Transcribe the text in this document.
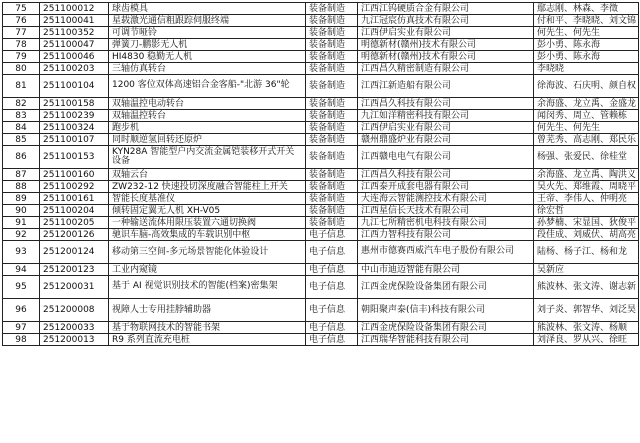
75	251100012	球齿模具	装备制造	江西江钨硬质合金有限公司	鄢志刚、林森、李徵
76	251100041	星载激光通信粗跟踪伺服终端	装备制造	九江冠宸仿真技术有限公司	付和平、李晓晓、刘文锦
77	251100352	可调节哑铃	装备制造	江西伊启实业有限公司	何先生、何先生
78	251100047	弹簧刀-鹏影无人机	装备制造	明德新材(赣州)技术有限公司	彭小勇、陈永海
79	251100046	HI4830 稳勤无人机	装备制造	明德新材(赣州)技术有限公司	彭小勇、陈永海
80	251100203	三轴仿真转台	装备制造	江西昌久精密制造有限公司	李晓晓
81	251100104	1200 客位双体高速铝合金客船-"北游 36"轮	装备制造	江西江新造船有限公司	徐海波、石庆明、颜自权
82	251100158	双轴温控电动转台	装备制造	江西昌久科技有限公司	余海盛、龙立禹、金盛龙
83	251100239	双轴温控转台	装备制造	九江如洋精密科技有限公司	闻闵秀、周立、管赖栋
84	251100324	跑步机	装备制造	江西伊启实业有限公司	何先生、何先生
85	251100107	同时顺逆氢回转还原炉	装备制造	赣州鼎盛炉业有限公司	曾芜秀、高志刚、郑民乐
86	251100153	KYN28A 智能型户内交流金属铠装移开式开关设备	装备制造	江西赣电电气有限公司	杨强、张爱民、徐桂堂
87	251100160	双轴云台	装备制造	江西昌久科技有限公司	余海盛、龙立禹、陶洪义
88	251100292	ZW232-12 快速投切深度融合智能柱上开关	装备制造	江西泰开成套电器有限公司	吴火先、郑维霞、周晓平
89	251100161	智能长度基准仪	装备制造	大连海云智能测控技术有限公司	王帝、李伟人、仲明亮
90	251100204	倾转固定翼无人机 XH-V05	装备制造	江西星信长天技术有限公司	徐宏哲
91	251100205	一种输送流体用限压装置六通切换阀	装备制造	九江七所精密机电科技有限公司	孙梦楠、宋显国、狄俊平
92	251200126	驰识车脑-高效集成的车载识别中枢	电子信息	江西力智科技有限公司	段佳成、刘威伏、胡高亮
93	251200124	移动第三空间-多元场景智能化体验设计	电子信息	惠州市德赛西威汽车电子股份有限公司	陆杨、杨子江、杨和龙
94	251200123	工业内窥镜	电子信息	中山市迪迈智能有限公司	吴新应
95	251200031	基于 AI 视觉识别技术的智能(档案)密集架	电子信息	江西金虎保险设备集团有限公司	熊波林、张文涛、谢志新
96	251200008	视障人士专用挂脖辅助器	电子信息	朝阳聚声泰(信丰)科技有限公司	刘子炎、郭智华、刘泛昊
97	251200033	基于物联网技术的智能书架	电子信息	江西金虎保险设备集团有限公司	熊波林、张文涛、杨顺
98	251200013	R9 系列直流充电桩	电子信息	江西瑞华智能科技有限公司	刘泽良、罗从兴、徐旺
